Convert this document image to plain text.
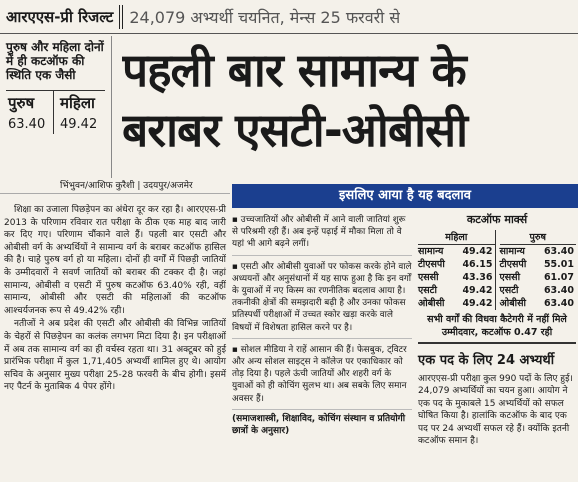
आरएएस-प्री रिजल्ट 24,079 अभ्यर्थी चयनित, मेन्स 25 फरवरी से
पुरुष और महिला दोनों में ही कटऑफ की स्थिति एक जैसी
पुरुष
63.40
महिला
49.42
पहली बार सामान्य के
बराबर एसटी-ओबीसी
भिंभुवन/आशिफ कुरैशी | उदयपुर/अजमेर

शिक्षा का उजाला पिछड़ेपन का अंधेरा दूर कर रहा है। आरएएस-प्री 2013 के परिणाम रविवार रात परीक्षा के ठीक एक माह बाद जारी कर दिए गए। परिणाम चौंकाने वाले हैं। पहली बार एसटी और ओबीसी वर्ग के अभ्यर्थियों ने सामान्य वर्ग के बराबर कटऑफ हासिल की है। चाहे पुरुष वर्ग हो या महिला। दोनों ही वर्गों में पिछड़ी जातियों के उम्मीदवारों ने सवर्ण जातियों को बराबर की टक्कर दी है। जहां सामान्य, ओबीसी व एसटी में पुरुष कटऑफ 63.40% रही, वहीं सामान्य, ओबीसी और एसटी की महिलाओं की कटऑफ आश्चर्यजनक रूप से 49.42% रही।

नतीजों ने अब प्रदेश की एसटी और ओबीसी की विभिन्न जातियों के चेहरों से पिछड़ेपन का कलंक लगभग मिटा दिया है। इन परीक्षाओं में अब तक सामान्य वर्ग का ही वर्चस्व रहता था। 31 अक्टूबर को हुई प्रारंभिक परीक्षा में कुल 1,71,405 अभ्यर्थी शामिल हुए थे। आयोग सचिव के अनुसार मुख्य परीक्षा 25-28 फरवरी के बीच होगी। इसमें नए पैटर्न के मुताबिक 4 पेपर होंगे।

इसलिए आया है यह बदलाव
▪ उच्चजातियों और ओबीसी में आने वाली जातियां शुरू से परिश्रमी रही हैं। अब इन्हें पढ़ाई में मौका मिला तो वे यहां भी आगे बढ़ने लगीं।
▪ एसटी और ओबीसी युवाओं पर फोकस करके होने वाले अध्ययनों और अनुसंधानों में यह साफ हुआ है कि इन वर्गों के युवाओं में नए किस्म का रणनीतिक बदलाव आया है। तकनीकी क्षेत्रों की समझदारी बढ़ी है और उनका फोकस प्रतिस्पर्धी परीक्षाओं में उच्चत स्कोर खड़ा करके वाले विषयों में विशेषता हासिल करने पर है।
▪ सोशल मीडिया ने राहें आसान की हैं। फेसबुक, ट्विटर और अन्य सोशल साइट्स ने कॉलेज पर एकाधिकार को तोड़ दिया है। पहले ऊंची जातियों और शहरी वर्ग के युवाओं को ही कोचिंग सुलभ था। अब सबके लिए समान अवसर हैं।
(समाजशास्त्री, शिक्षाविद, कोचिंग संस्थान व प्रतियोगी छात्रों के अनुसार)
कटऑफ मार्क्स
महिला
सामान्य 49.42
टीएसपी 46.15
एससी	43.36
एसटी	49.42
ओबीसी 49.42
पुरुष
सामान्य 63.40
टीएसपी 55.01
एससी	61.07
एसटी	63.40
ओबीसी 63.40
सभी वर्गों की विधवा कैटेगरी में नहीं मिले उम्मीदवार, कटऑफ 0.47 रही
एक पद के लिए 24 अभ्यर्थी
आरएएस-प्री परीक्षा कुल 990 पदों के लिए हुई। 24,079 अभ्यर्थियों का चयन हुआ। आयोग ने एक पद के मुकाबले 15 अभ्यर्थियों को सफल घोषित किया है। हालांकि कटऑफ के बाद एक पद पर 24 अभ्यर्थी सफल रहे हैं। क्योंकि इतनी कटऑफ समान है।
